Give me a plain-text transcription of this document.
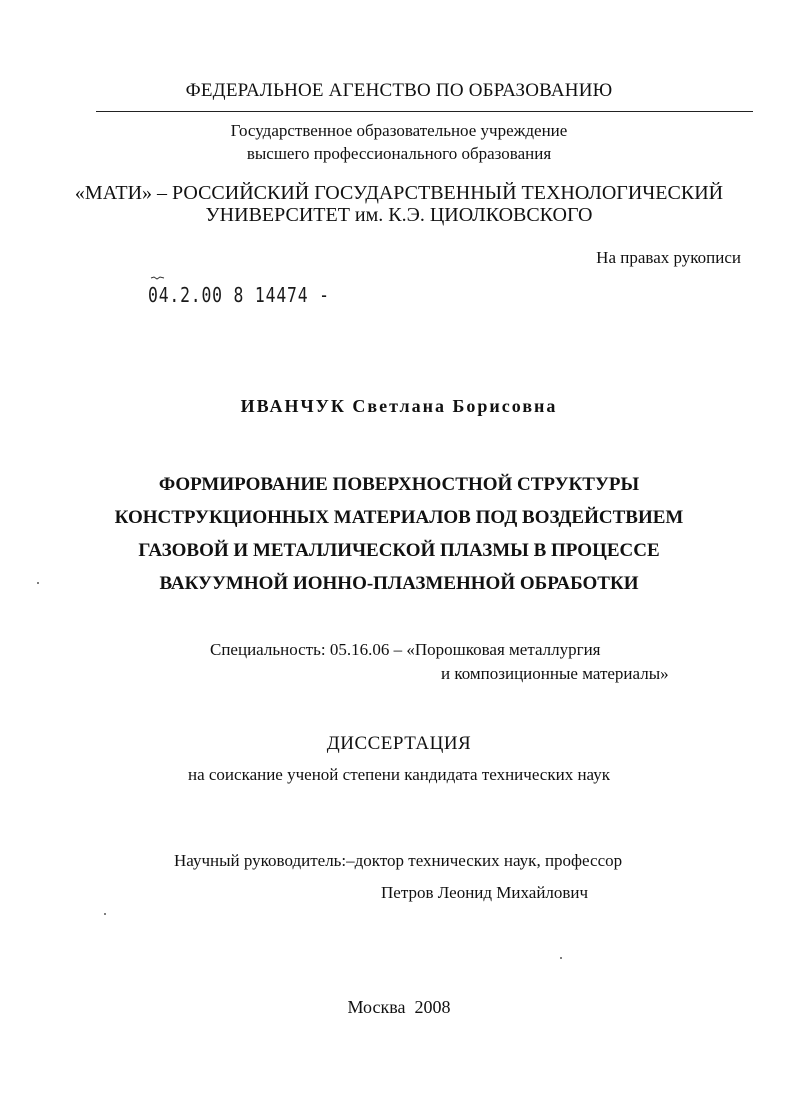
ФЕДЕРАЛЬНОЕ АГЕНСТВО ПО ОБРАЗОВАНИЮ
Государственное образовательное учреждение
высшего профессионального образования
«МАТИ» – РОССИЙСКИЙ ГОСУДАРСТВЕННЫЙ ТЕХНОЛОГИЧЕСКИЙ
УНИВЕРСИТЕТ им. К.Э. ЦИОЛКОВСКОГО
На правах рукописи
04.2.00 8 14474 -
ИВАНЧУК Светлана Борисовна
ФОРМИРОВАНИЕ ПОВЕРХНОСТНОЙ СТРУКТУРЫ
КОНСТРУКЦИОННЫХ МАТЕРИАЛОВ ПОД ВОЗДЕЙСТВИЕМ
ГАЗОВОЙ И МЕТАЛЛИЧЕСКОЙ ПЛАЗМЫ В ПРОЦЕССЕ
ВАКУУМНОЙ ИОННО-ПЛАЗМЕННОЙ ОБРАБОТКИ
Специальность: 05.16.06 – «Порошковая металлургия
и композиционные материалы»
ДИССЕРТАЦИЯ
на соискание ученой степени кандидата технических наук
Научный руководитель:–доктор технических наук, профессор
Петров Леонид Михайлович
Москва  2008
